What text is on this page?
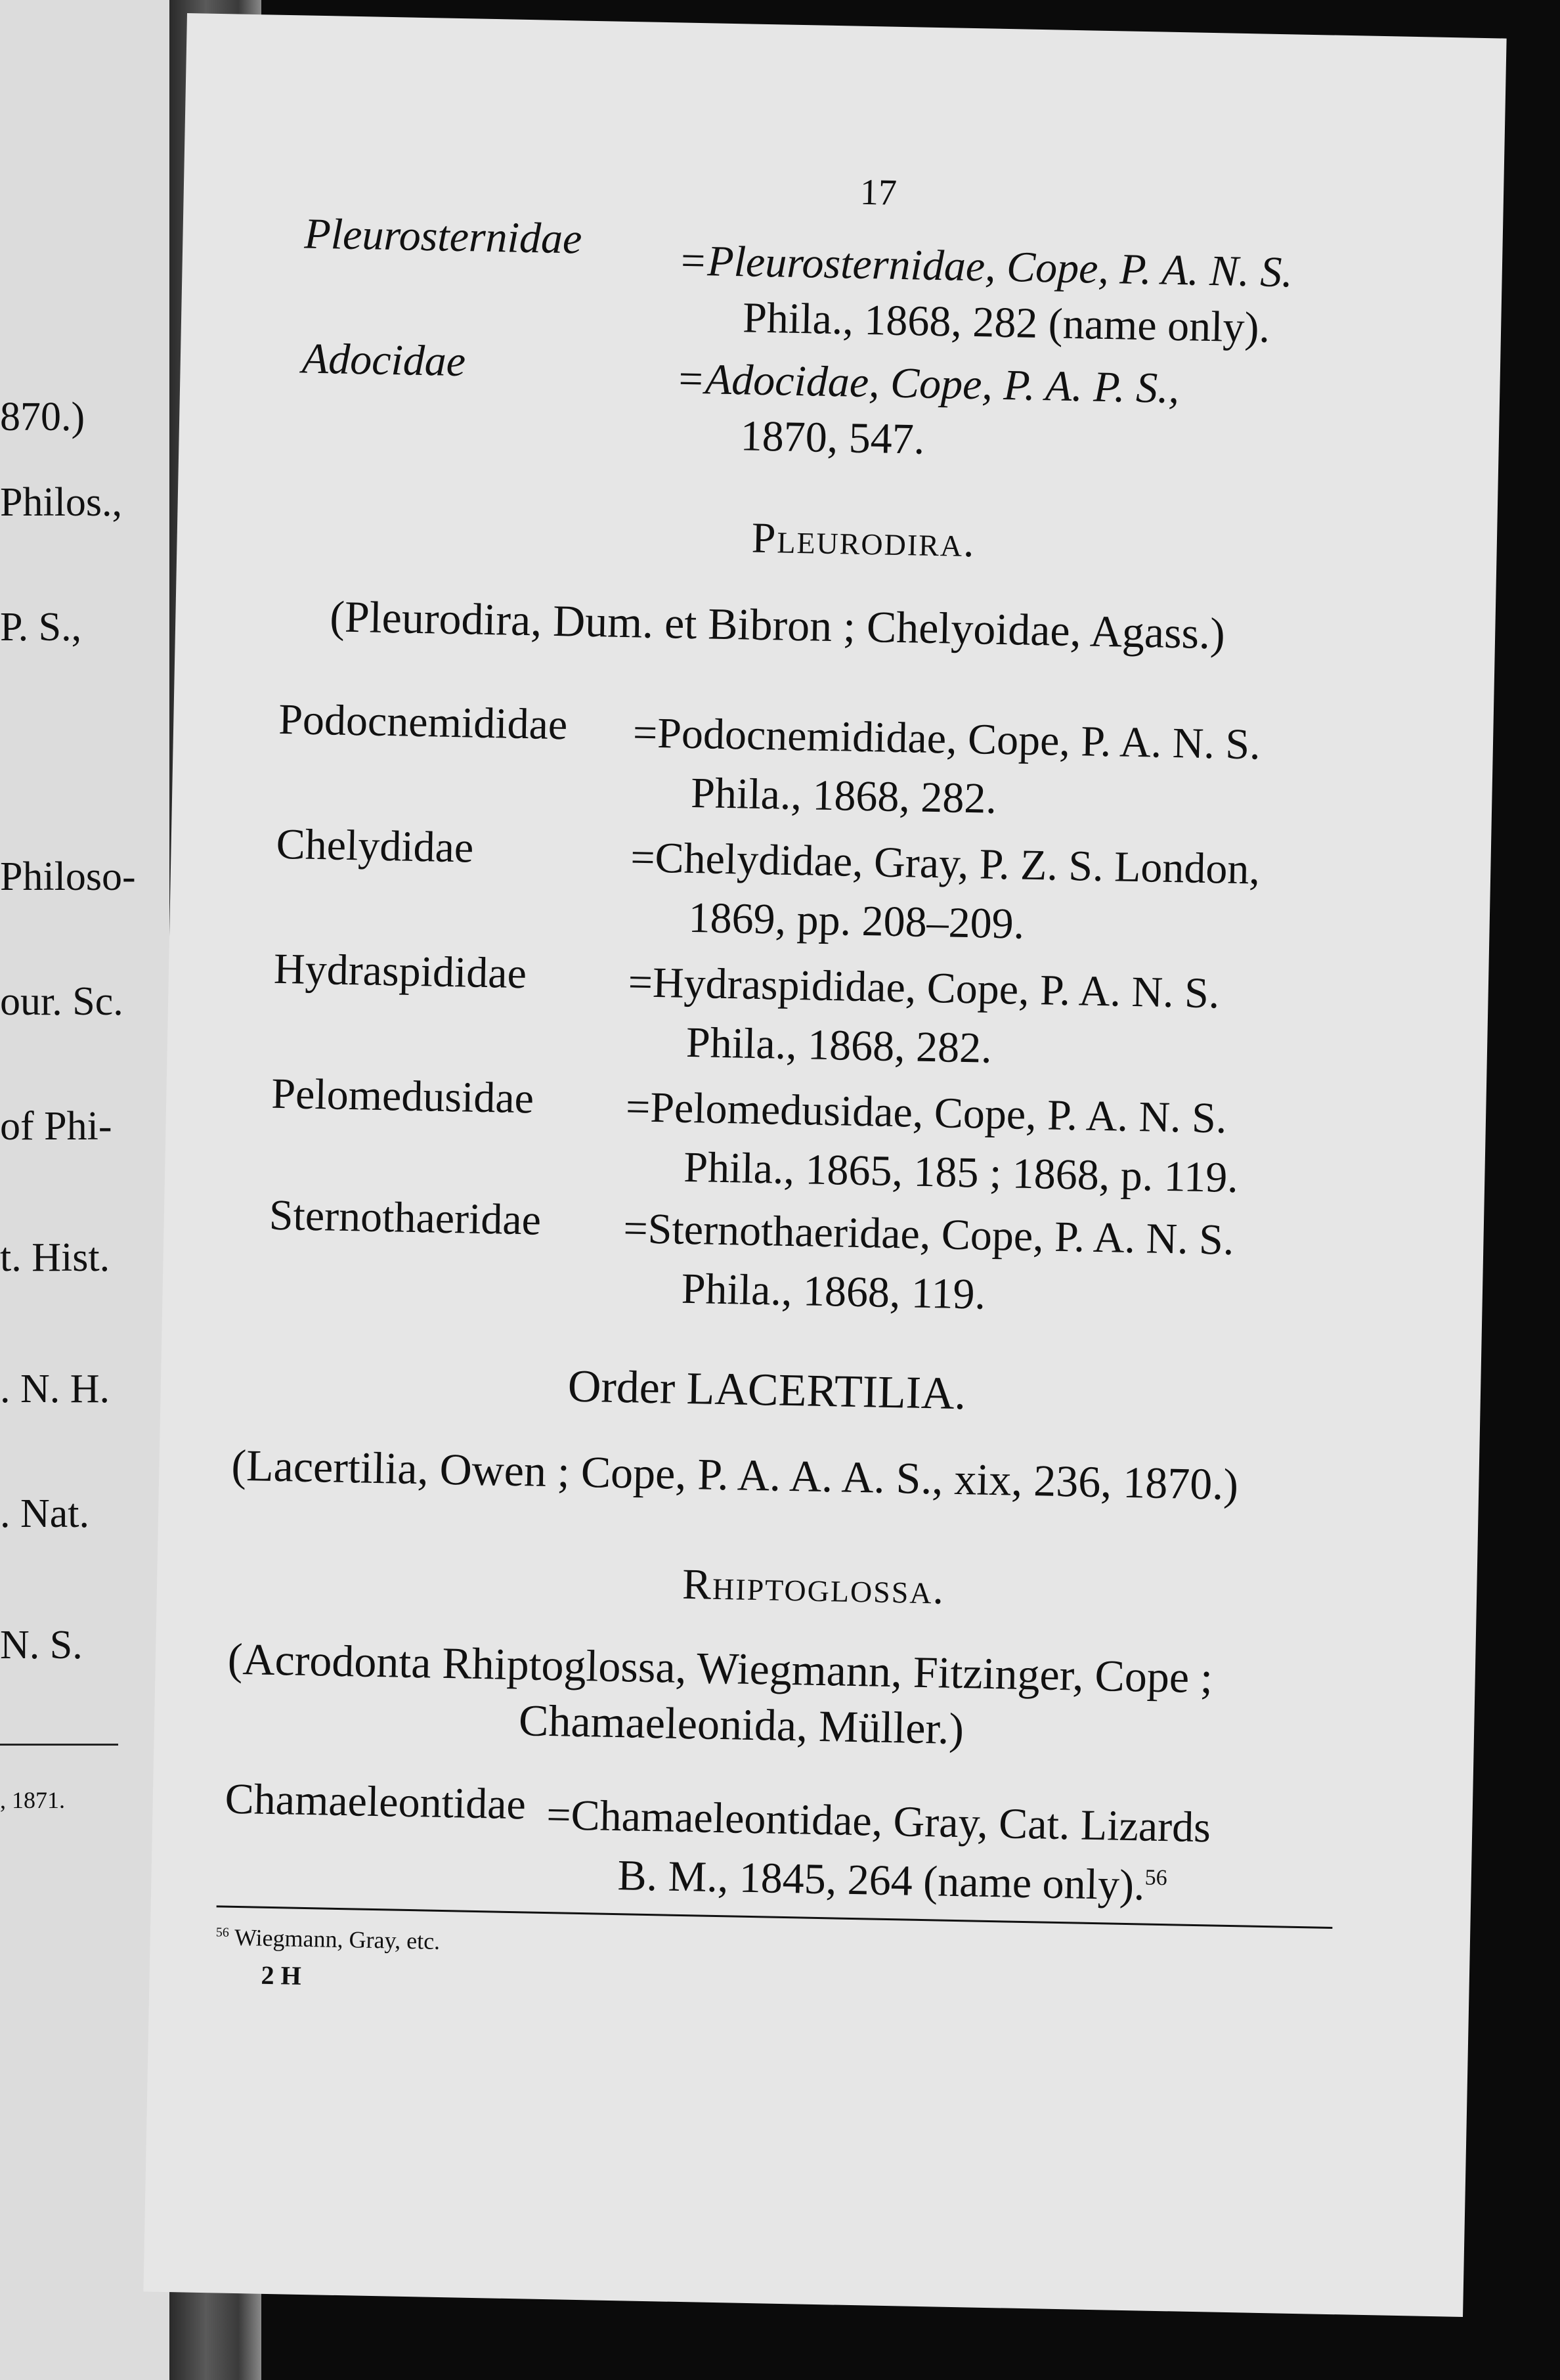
870.)
Philos.,
P. S.,
Philoso-
our. Sc.
of Phi-
t. Hist.
. N. H.
. Nat.
N. S.
, 1871.
17
Pleurosternidae
=Pleurosternidae, Cope, P. A. N. S.
Phila., 1868, 282 (name only).
Adocidae	=Adocidae, Cope, P. A. P. S.,
1870, 547.
Pleurodira.
(Pleurodira, Dum. et Bibron ; Chelyoidae, Agass.)
Podocnemididae =Podocnemididae, Cope, P. A. N. S.
Phila., 1868, 282.
Chelydidae	=Chelydidae, Gray, P. Z. S. London,
1869, pp. 208–209.
Hydraspididae =Hydraspididae, Cope, P. A. N. S.
Phila., 1868, 282.
Pelomedusidae =Pelomedusidae, Cope, P. A. N. S.
Phila., 1865, 185 ; 1868, p. 119.
Sternothaeridae =Sternothaeridae, Cope, P. A. N. S.
Phila., 1868, 119.
Order LACERTILIA.
(Lacertilia, Owen ; Cope, P. A. A. A. S., xix, 236, 1870.)
Rhiptoglossa.
(Acrodonta Rhiptoglossa, Wiegmann, Fitzinger, Cope ;
Chamaeleonida, Müller.)
Chamaeleontidae =Chamaeleontidae, Gray, Cat. Lizards
B. M., 1845, 264 (name only).$^{56}$
$^{56}$ Wiegmann, Gray, etc.
2 H
